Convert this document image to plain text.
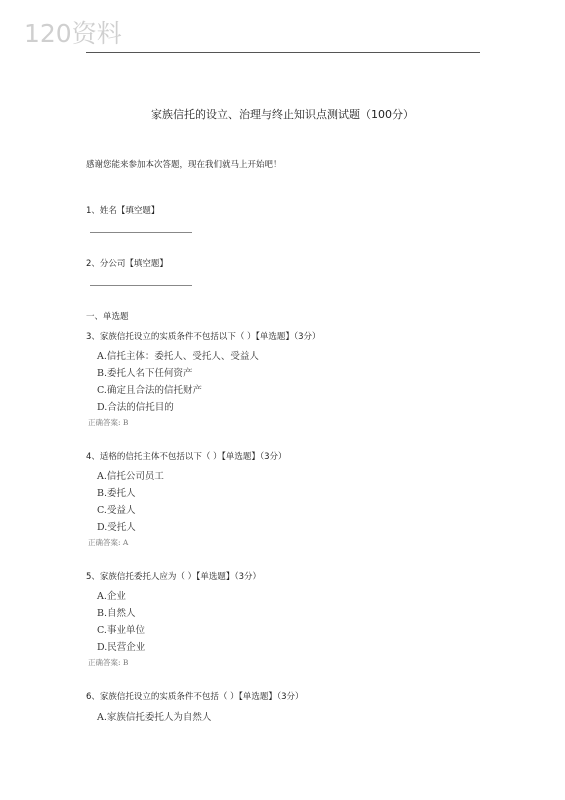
120资料
家族信托的设立、治理与终止知识点测试题（100分）
感谢您能来参加本次答题，现在我们就马上开始吧！
1、姓名【填空题】
2、分公司【填空题】
一、单选题
3、家族信托设立的实质条件不包括以下（ ）【单选题】（3分）
A.信托主体：委托人、受托人、受益人
B.委托人名下任何资产
C.确定且合法的信托财产
D.合法的信托目的
正确答案: B
4、适格的信托主体不包括以下（ ）【单选题】（3分）
A.信托公司员工
B.委托人
C.受益人
D.受托人
正确答案: A
5、家族信托委托人应为（ ）【单选题】（3分）
A.企业
B.自然人
C.事业单位
D.民营企业
正确答案: B
6、家族信托设立的实质条件不包括（ ）【单选题】（3分）
A.家族信托委托人为自然人
